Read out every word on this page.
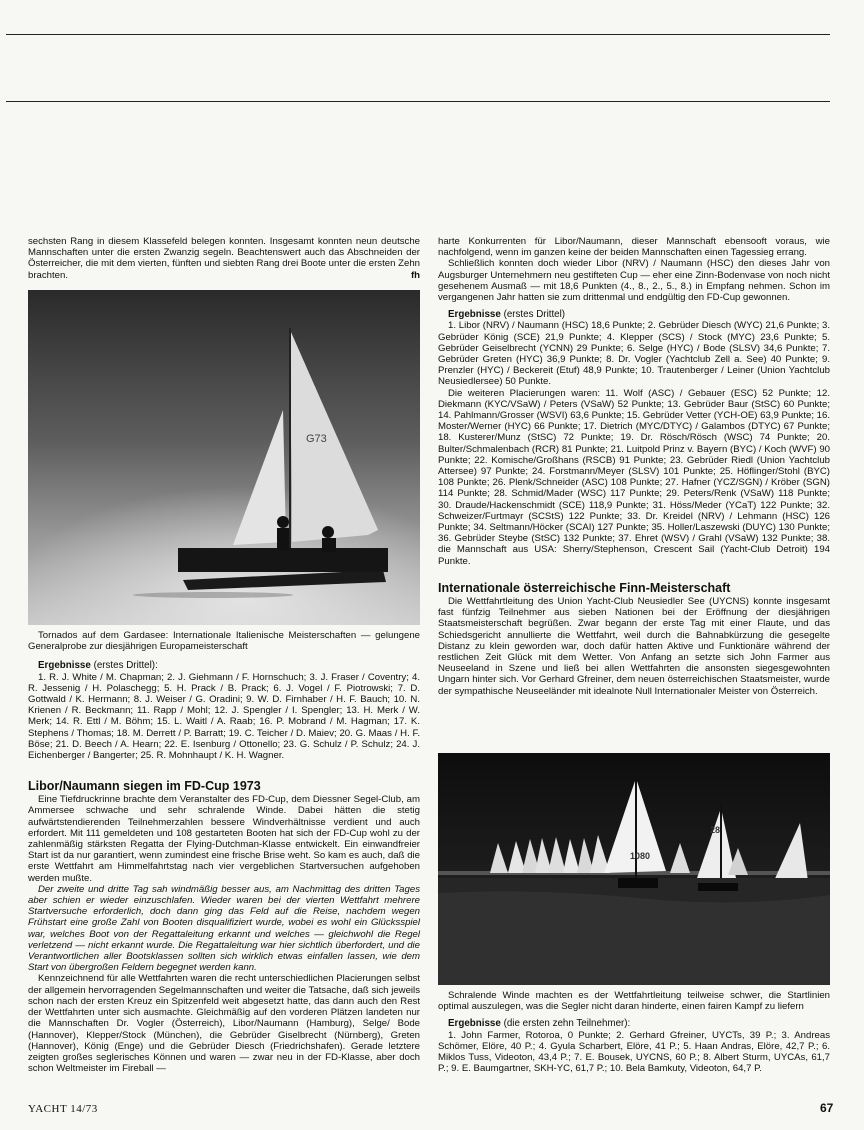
sechsten Rang in diesem Klassefeld belegen konnten. Insgesamt konnten neun deutsche Mannschaften unter die ersten Zwanzig segeln. Beachtenswert auch das Abschneiden der Österreicher, die mit dem vierten, fünften und siebten Rang drei Boote unter die ersten Zehn brachten.	fh

G73

Tornados auf dem Gardasee: Internationale Italienische Meisterschaften — gelungene Generalprobe zur diesjährigen Europameisterschaft

Ergebnisse (erstes Drittel):

1. R. J. White / M. Chapman; 2. J. Giehmann / F. Hornschuch; 3. J. Fraser / Coventry; 4. R. Jessenig / H. Polaschegg; 5. H. Prack / B. Prack; 6. J. Vogel / F. Piotrowski; 7. D. Gottwald / K. Hermann; 8. J. Weiser / G. Oradini; 9. W. D. Firnhaber / H. F. Bauch; 10. N. Krienen / R. Beckmann; 11. Rapp / Mohl; 12. J. Spengler / I. Spengler; 13. H. Merk / W. Merk; 14. R. Ettl / M. Böhm; 15. L. Waitl / A. Raab; 16. P. Mobrand / M. Hagman; 17. K. Stephens / Thomas; 18. M. Derrett / P. Barratt; 19. C. Teicher / D. Maiev; 20. G. Maas / H. F. Böse; 21. D. Beech / A. Hearn; 22. E. Isenburg / Ottonello; 23. G. Schulz / P. Schulz; 24. J. Eichenberger / Bangerter; 25. R. Mohnhaupt / K. H. Wagner.

Libor/Naumann siegen im FD-Cup 1973

Eine Tiefdruckrinne brachte dem Veranstalter des FD-Cup, dem Diessner Segel-Club, am Ammersee schwache und sehr schralende Winde. Dabei hätten die stetig aufwärtstendierenden Teilnehmerzahlen bessere Windverhältnisse verdient und auch erfordert. Mit 111 gemeldeten und 108 gestarteten Booten hat sich der FD-Cup wohl zu der zahlenmäßig stärksten Regatta der Flying-Dutchman-Klasse entwickelt. Ein einwandfreier Start ist da nur garantiert, wenn zumindest eine frische Brise weht. So kam es auch, daß die erste Wettfahrt am Himmelfahrtstag nach vier vergeblichen Startversuchen aufgehoben werden mußte.

Der zweite und dritte Tag sah windmäßig besser aus, am Nachmittag des dritten Tages aber schien er wieder einzuschlafen. Wieder waren bei der vierten Wettfahrt mehrere Startversuche erforderlich, doch dann ging das Feld auf die Reise, nachdem wegen Frühstart eine große Zahl von Booten disqualifiziert wurde, wobei es wohl ein Glücksspiel war, welches Boot von der Regattaleitung erkannt und welches — gleichwohl die Regel verletzend — nicht erkannt wurde. Die Regattaleitung war hier sichtlich überfordert, und die Verantwortlichen aller Bootsklassen sollten sich wirklich etwas einfallen lassen, wie dem Start von übergroßen Feldern begegnet werden kann.

Kennzeichnend für alle Wettfahrten waren die recht unterschiedlichen Placierungen selbst der allgemein hervorragenden Segelmannschaften und weiter die Tatsache, daß sich jeweils schon nach der ersten Kreuz ein Spitzenfeld weit abgesetzt hatte, das dann auch den Rest der Wettfahrten unter sich ausmachte. Gleichmäßig auf den vorderen Plätzen landeten nur die Mannschaften Dr. Vogler (Österreich), Libor/Naumann (Hamburg), Selge/ Bode (Hannover), Klepper/Stock (München), die Gebrüder Giselbrecht (Nürnberg), Greten (Hannover), König (Enge) und die Gebrüder Diesch (Friedrichshafen). Gerade letztere zeigten großes seglerisches Können und waren — zwar neu in der FD-Klasse, aber doch schon Weltmeister im Fireball —

harte Konkurrenten für Libor/Naumann, dieser Mannschaft ebensooft voraus, wie nachfolgend, wenn im ganzen keine der beiden Mannschaften einen Tagessieg errang.

Schließlich konnten doch wieder Libor (NRV) / Naumann (HSC) den dieses Jahr von Augsburger Unternehmern neu gestifteten Cup — eher eine Zinn-Bodenvase von noch nicht gesehenem Ausmaß — mit 18,6 Punkten (4., 8., 2., 5., 8.) in Empfang nehmen. Schon im vergangenen Jahr hatten sie zum drittenmal und endgültig den FD-Cup gewonnen.

Ergebnisse (erstes Drittel)

1. Libor (NRV) / Naumann (HSC) 18,6 Punkte; 2. Gebrüder Diesch (WYC) 21,6 Punkte; 3. Gebrüder König (SCE) 21,9 Punkte; 4. Klepper (SCS) / Stock (MYC) 23,6 Punkte; 5. Gebrüder Geiselbrecht (YCNN) 29 Punkte; 6. Selge (HYC) / Bode (SLSV) 34,6 Punkte; 7. Gebrüder Greten (HYC) 36,9 Punkte; 8. Dr. Vogler (Yachtclub Zell a. See) 40 Punkte; 9. Prenzler (HYC) / Beckereit (Etuf) 48,9 Punkte; 10. Trautenberger / Leiner (Union Yachtclub Neusiedlersee) 50 Punkte.

Die weiteren Placierungen waren: 11. Wolf (ASC) / Gebauer (ESC) 52 Punkte; 12. Diekmann (KYC/VSaW) / Peters (VSaW) 52 Punkte; 13. Gebrüder Baur (StSC) 60 Punkte; 14. Pahlmann/Grosser (WSVI) 63,6 Punkte; 15. Gebrüder Vetter (YCH-OE) 63,9 Punkte; 16. Moster/Werner (HYC) 66 Punkte; 17. Dietrich (MYC/DTYC) / Galambos (DTYC) 67 Punkte; 18. Kusterer/Munz (StSC) 72 Punkte; 19. Dr. Rösch/Rösch (WSC) 74 Punkte; 20. Bulter/Schmalenbach (RCR) 81 Punkte; 21. Luitpold Prinz v. Bayern (BYC) / Koch (WVF) 90 Punkte; 22. Komische/Großhans (RSCB) 91 Punkte; 23. Gebrüder Riedl (Union Yachtclub Attersee) 97 Punkte; 24. Forstmann/Meyer (SLSV) 101 Punkte; 25. Höflinger/Stohl (BYC) 108 Punkte; 26. Plenk/Schneider (ASC) 108 Punkte; 27. Hafner (YCZ/SGN) / Kröber (SGN) 114 Punkte; 28. Schmid/Mader (WSC) 117 Punkte; 29. Peters/Renk (VSaW) 118 Punkte; 30. Draude/Hackenschmidt (SCE) 118,9 Punkte; 31. Höss/Meder (YCaT) 122 Punkte; 32. Schweizer/Furtmayr (SCStS) 122 Punkte; 33. Dr. Kreidel (NRV) / Lehmann (HSC) 126 Punkte; 34. Seltmann/Höcker (SCAI) 127 Punkte; 35. Holler/Laszewski (DUYC) 130 Punkte; 36. Gebrüder Steybe (StSC) 132 Punkte; 37. Ehret (WSV) / Grahl (VSaW) 132 Punkte; 38. die Mannschaft aus USA: Sherry/Stephenson, Crescent Sail (Yacht-Club Detroit) 194 Punkte.

Internationale österreichische Finn-Meisterschaft

Die Wettfahrtleitung des Union Yacht-Club Neusiedler See (UYCNS) konnte insgesamt fast fünfzig Teilnehmer aus sieben Nationen bei der Eröffnung der diesjährigen Staatsmeisterschaft begrüßen. Zwar begann der erste Tag mit einer Flaute, und das Schiedsgericht annullierte die Wettfahrt, weil durch die Bahnabkürzung die gesegelte Distanz zu klein geworden war, doch dafür hatten Aktive und Funktionäre während der restlichen Zeit Glück mit dem Wetter. Von Anfang an setzte sich John Farmer aus Neuseeland in Szene und ließ bei allen Wettfahrten die ansonsten siegesgewohnten Ungarn hinter sich. Vor Gerhard Gfreiner, dem neuen österreichischen Staatsmeister, wurde der sympathische Neuseeländer mit idealnote Null Internationaler Meister von Österreich.

1080
28

Schralende Winde machten es der Wettfahrtleitung teilweise schwer, die Startlinien optimal auszulegen, was die Segler nicht daran hinderte, einen fairen Kampf zu liefern

Ergebnisse (die ersten zehn Teilnehmer):

1. John Farmer, Rotoroa, 0 Punkte; 2. Gerhard Gfreiner, UYCTs, 39 P.; 3. Andreas Schömer, Elöre, 40 P.; 4. Gyula Scharbert, Elöre, 41 P.; 5. Haan Andras, Elöre, 42,7 P.; 6. Miklos Tuss, Videoton, 43,4 P.; 7. E. Bousek, UYCNS, 60 P.; 8. Albert Sturm, UYCAs, 61,7 P.; 9. E. Baumgartner, SKH-YC, 61,7 P.; 10. Bela Bamkuty, Videoton, 64,7 P.

YACHT 14/73	67
